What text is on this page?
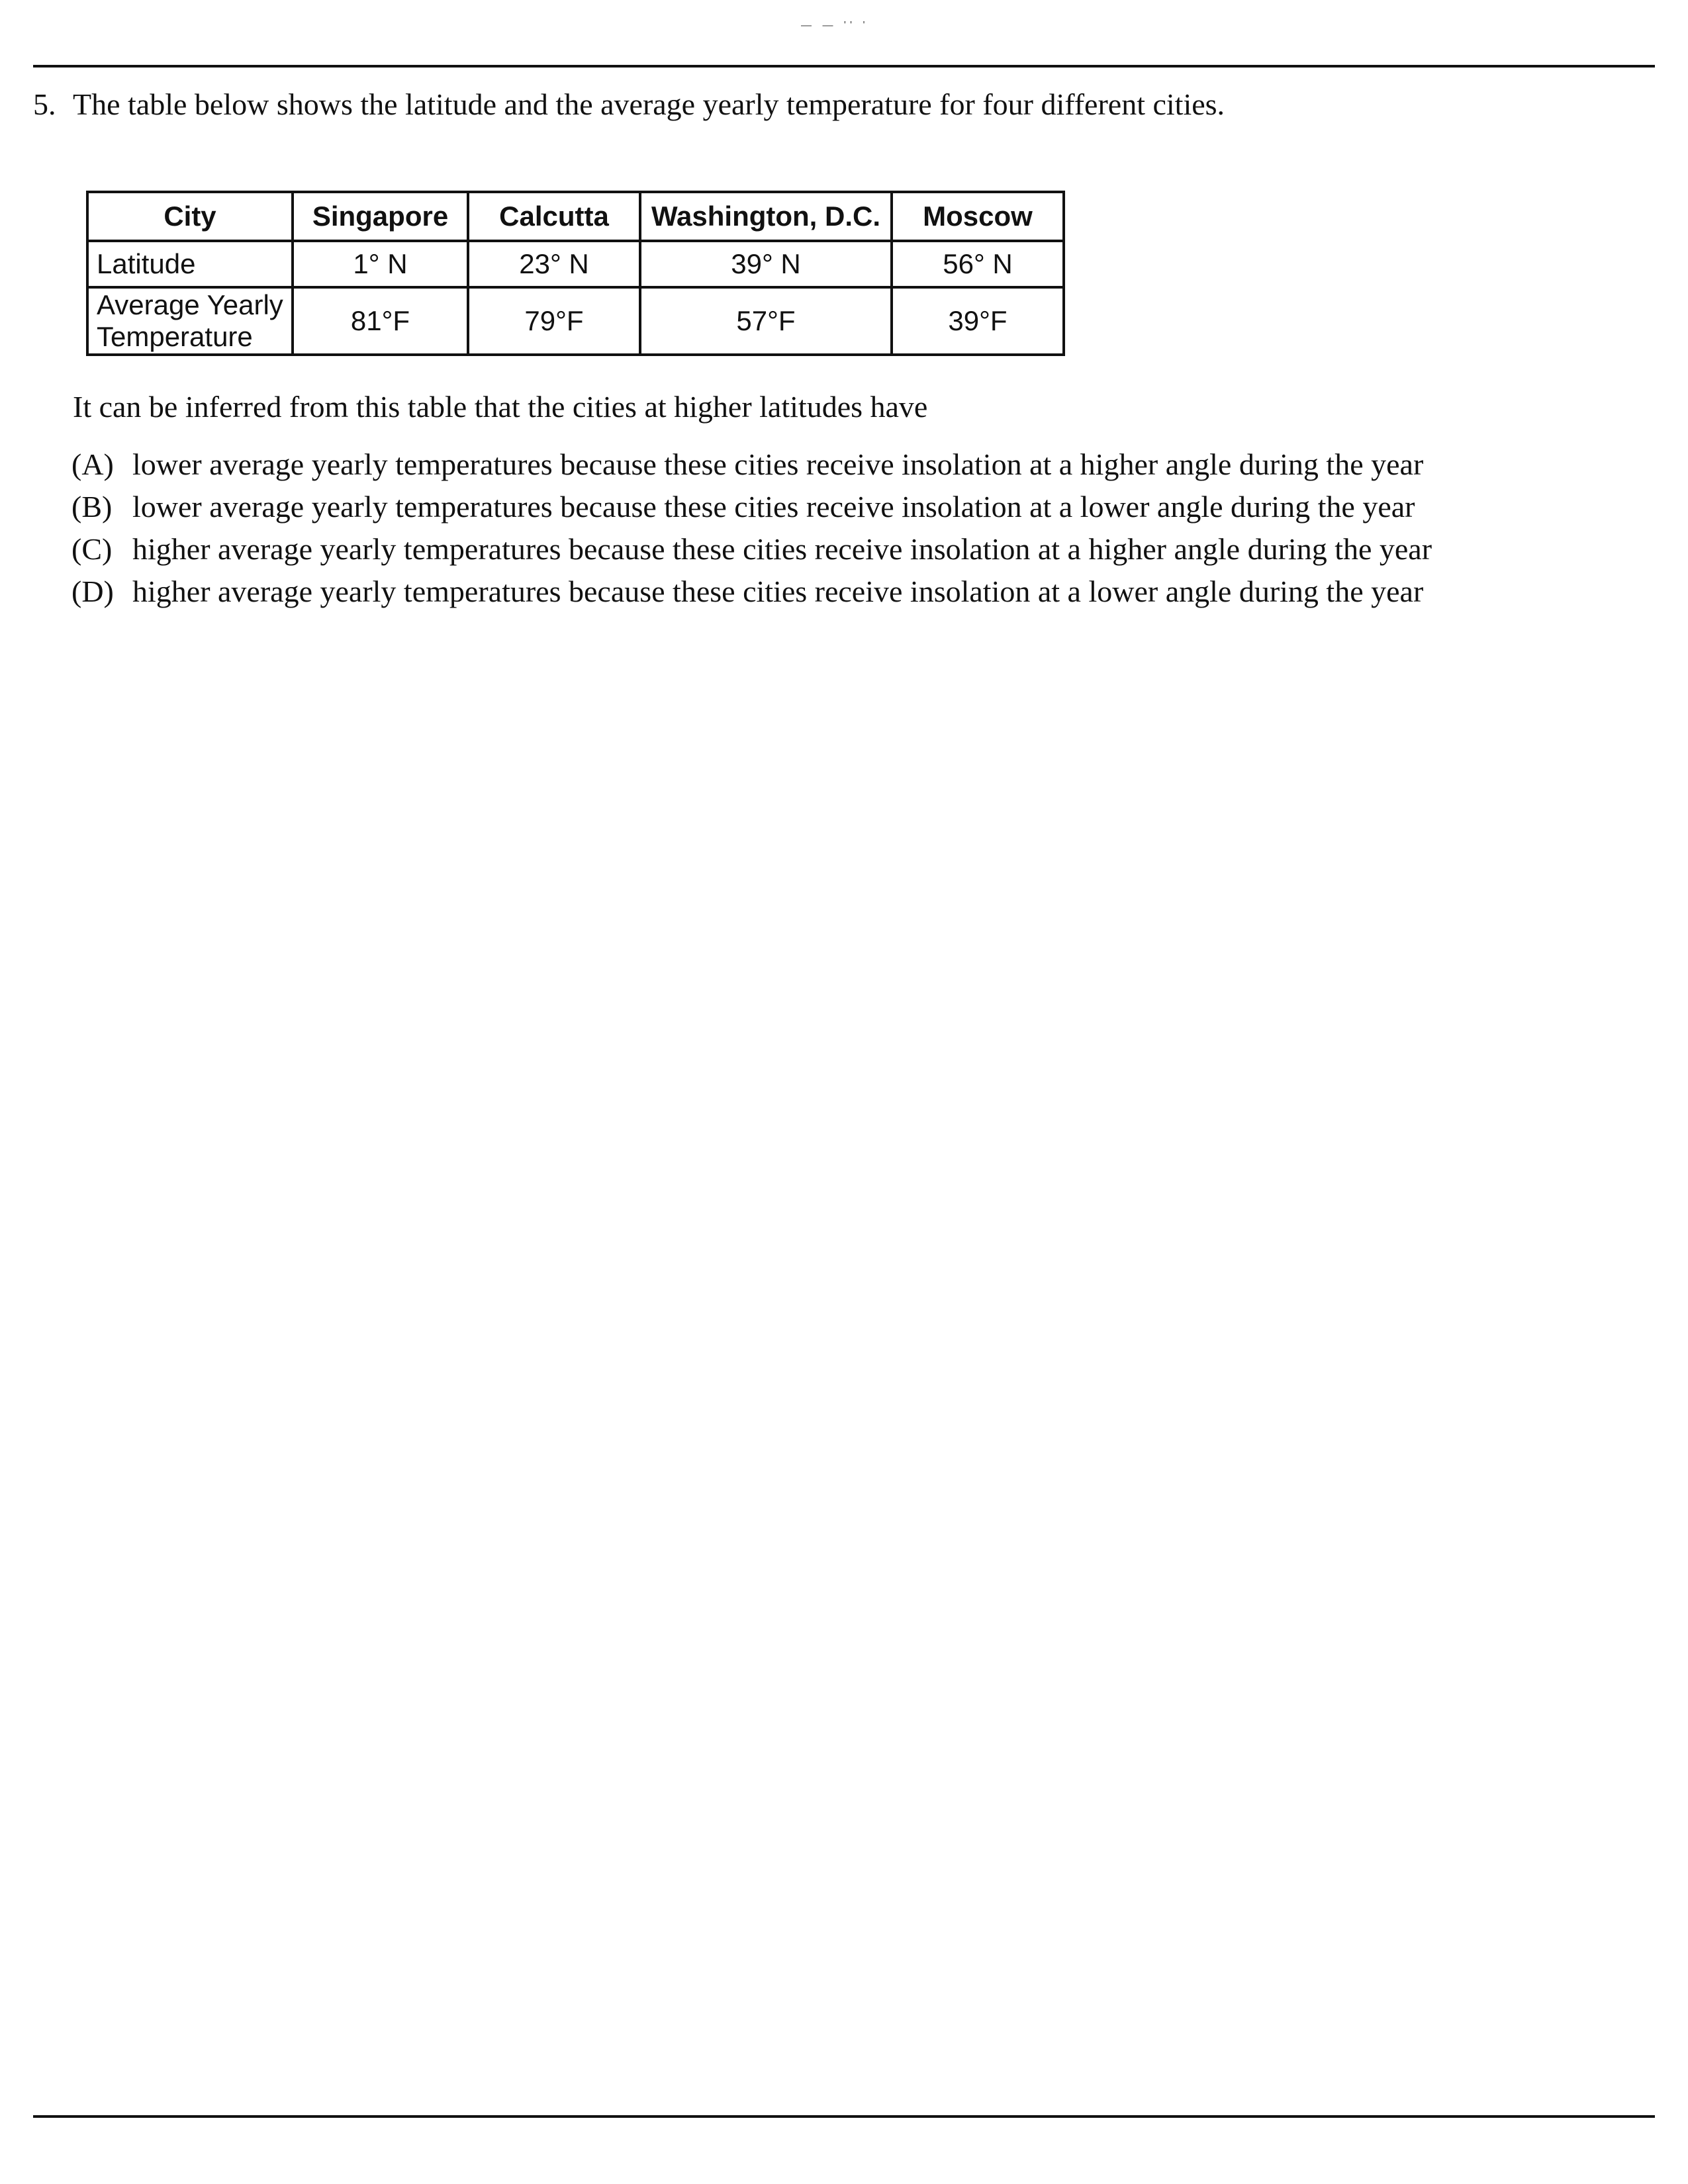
— — '' '
5. The table below shows the latitude and the average yearly temperature for four different cities.
City	Singapore	Calcutta	Washington, D.C.	Moscow
Latitude	1° N	23° N	39° N	56° N

Average Yearly
Temperature	81°F	79°F	57°F	39°F
It can be inferred from this table that the cities at higher latitudes have
(A) lower average yearly temperatures because these cities receive insolation at a higher angle during the year
(B) lower average yearly temperatures because these cities receive insolation at a lower angle during the year
(C) higher average yearly temperatures because these cities receive insolation at a higher angle during the year
(D) higher average yearly temperatures because these cities receive insolation at a lower angle during the year
